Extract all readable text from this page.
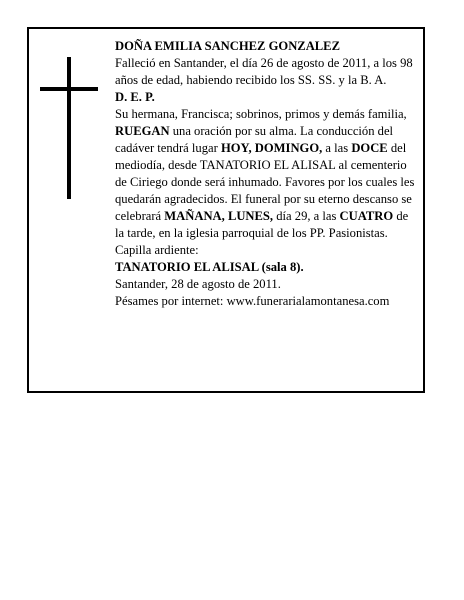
DOÑA EMILIA SANCHEZ GONZALEZ

Falleció en Santander, el día 26 de agosto de 2011, a los 98 años de edad, habiendo recibido los SS. SS. y la B. A.

D. E. P.

Su hermana, Francisca; sobrinos, primos y demás familia,

RUEGAN una oración por su alma. La conducción del cadáver tendrá lugar HOY, DOMINGO, a las DOCE del mediodía, desde TANATORIO EL ALISAL al cementerio de Ciriego donde será inhumado. Favores por los cuales les quedarán agradecidos. El funeral por su eterno descanso se celebrará MAÑANA, LUNES, día 29, a las CUATRO de la tarde, en la iglesia parroquial de los PP. Pasionistas. Capilla ardiente:

TANATORIO EL ALISAL (sala 8).

Santander, 28 de agosto de 2011.

Pésames por internet: www.funerarialamontanesa.com
